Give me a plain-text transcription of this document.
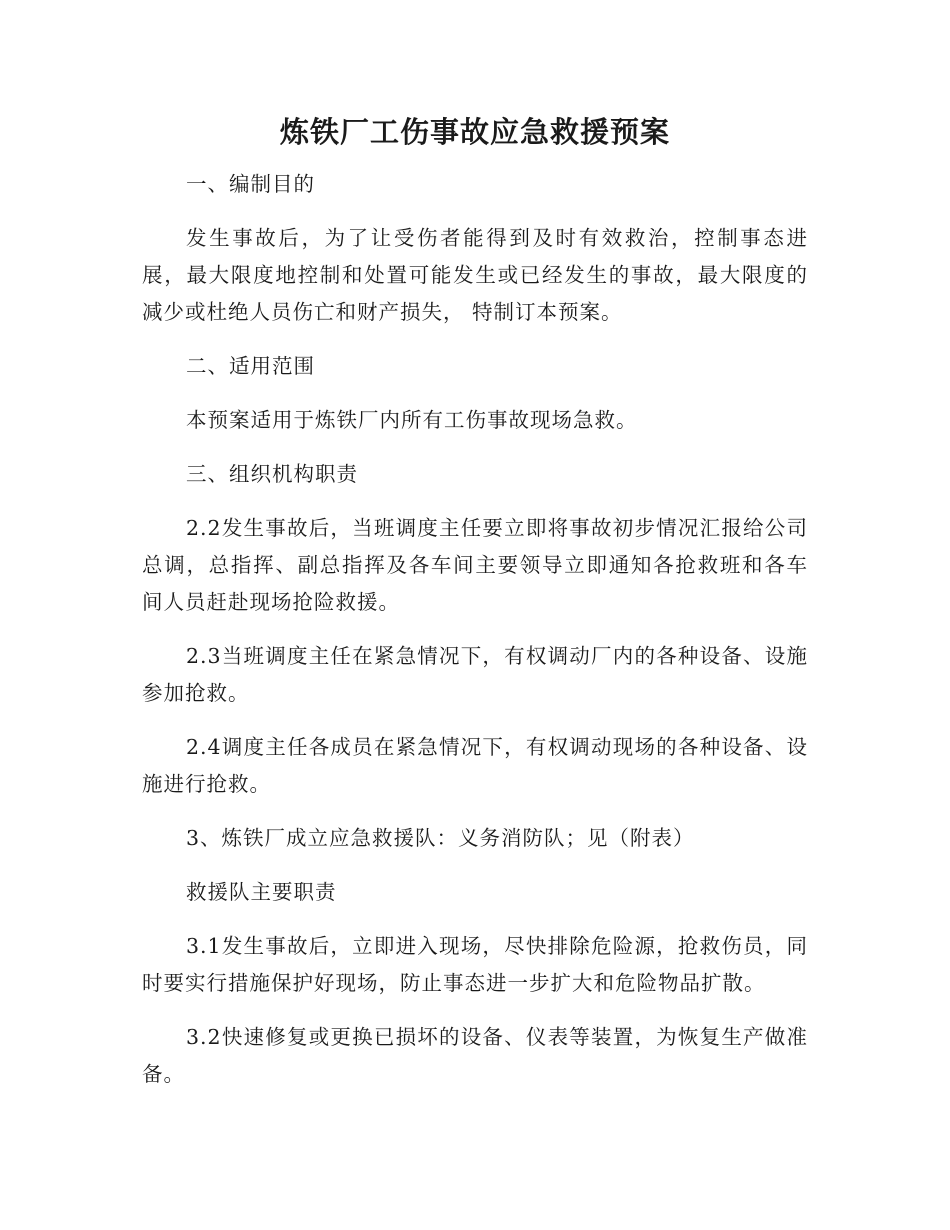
炼铁厂工伤事故应急救援预案

一、编制目的

发生事故后，为了让受伤者能得到及时有效救治，控制事态进展，最大限度地控制和处置可能发生或已经发生的事故，最大限度的减少或杜绝人员伤亡和财产损失， 特制订本预案。

二、适用范围

本预案适用于炼铁厂内所有工伤事故现场急救。

三、组织机构职责

2.2发生事故后，当班调度主任要立即将事故初步情况汇报给公司总调，总指挥、副总指挥及各车间主要领导立即通知各抢救班和各车间人员赶赴现场抢险救援。

2.3当班调度主任在紧急情况下，有权调动厂内的各种设备、设施参加抢救。

2.4调度主任各成员在紧急情况下，有权调动现场的各种设备、设施进行抢救。

3、炼铁厂成立应急救援队：义务消防队；见（附表）

救援队主要职责

3.1发生事故后，立即进入现场，尽快排除危险源，抢救伤员，同时要实行措施保护好现场，防止事态进一步扩大和危险物品扩散。

3.2快速修复或更换已损坏的设备、仪表等装置，为恢复生产做准备。
